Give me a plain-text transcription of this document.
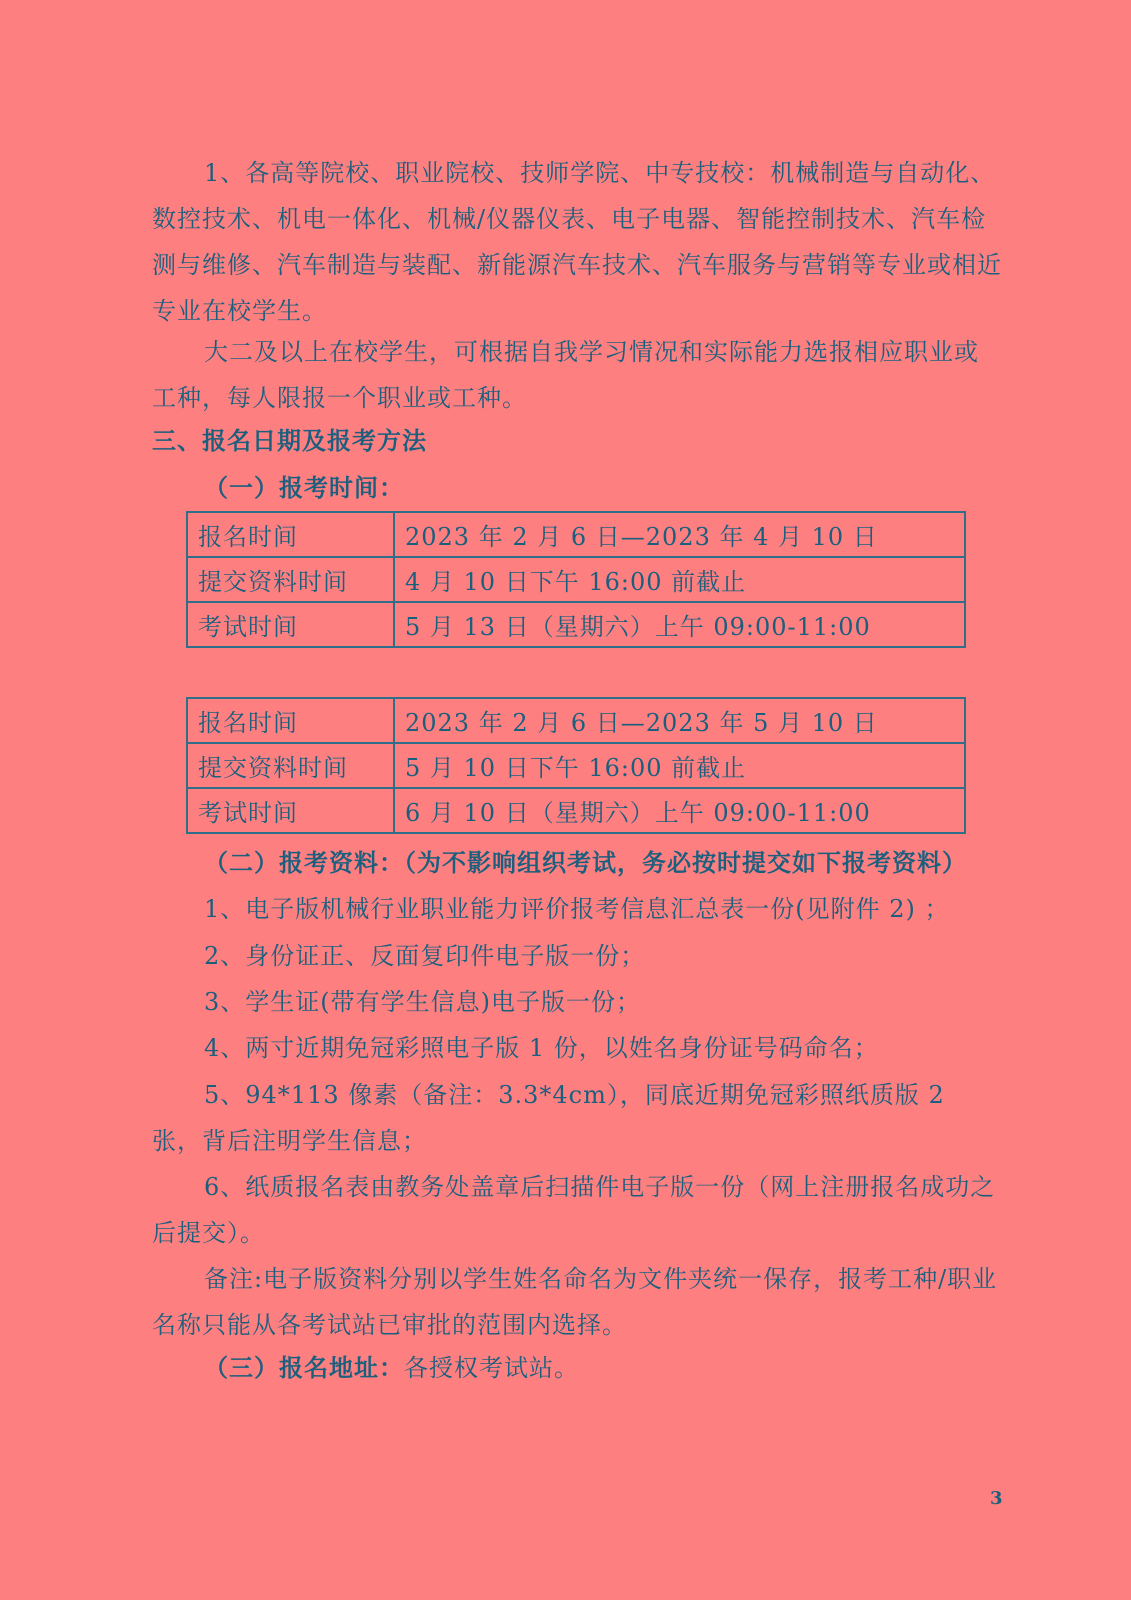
1、各高等院校、职业院校、技师学院、中专技校：机械制造与自动化、数控技术、机电一体化、机械/仪器仪表、电子电器、智能控制技术、汽车检测与维修、汽车制造与装配、新能源汽车技术、汽车服务与营销等专业或相近专业在校学生。

大二及以上在校学生，可根据自我学习情况和实际能力选报相应职业或工种，每人限报一个职业或工种。

三、报名日期及报考方法

（一）报考时间：

报名时间	2023 年 2 月 6 日—2023 年 4 月 10 日
提交资料时间	4 月 10 日下午 16:00 前截止
考试时间	5 月 13 日（星期六）上午 09:00-11:00
报名时间	2023 年 2 月 6 日—2023 年 5 月 10 日
提交资料时间	5 月 10 日下午 16:00 前截止
考试时间	6 月 10 日（星期六）上午 09:00-11:00

（二）报考资料：（为不影响组织考试，务必按时提交如下报考资料）

1、电子版机械行业职业能力评价报考信息汇总表一份(见附件 2) ；

2、身份证正、反面复印件电子版一份；

3、学生证(带有学生信息)电子版一份；

4、两寸近期免冠彩照电子版 1 份，以姓名身份证号码命名；

5、94*113 像素（备注：3.3*4cm），同底近期免冠彩照纸质版 2 张，背后注明学生信息；

6、纸质报名表由教务处盖章后扫描件电子版一份（网上注册报名成功之后提交）。

备注:电子版资料分别以学生姓名命名为文件夹统一保存，报考工种/职业名称只能从各考试站已审批的范围内选择。

（三）报名地址：各授权考试站。

3
